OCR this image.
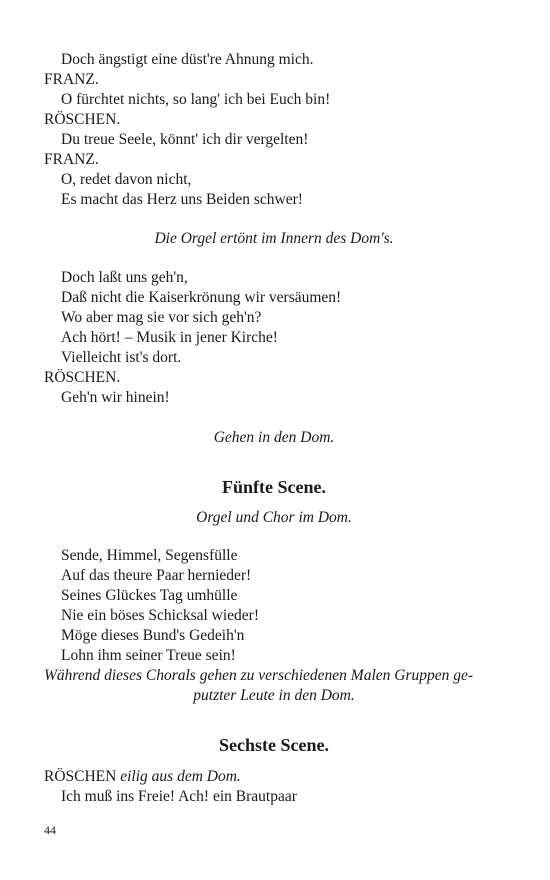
Doch ängstigt eine düst're Ahnung mich.
FRANZ.
O fürchtet nichts, so lang' ich bei Euch bin!
RÖSCHEN.
Du treue Seele, könnt' ich dir vergelten!
FRANZ.
O, redet davon nicht,
Es macht das Herz uns Beiden schwer!
Die Orgel ertönt im Innern des Dom's.
Doch laßt uns geh'n,
Daß nicht die Kaiserkrönung wir versäumen!
Wo aber mag sie vor sich geh'n?
Ach hört! – Musik in jener Kirche!
Vielleicht ist's dort.
RÖSCHEN.
Geh'n wir hinein!
Gehen in den Dom.
Fünfte Scene.
Orgel und Chor im Dom.
Sende, Himmel, Segensfülle
Auf das theure Paar hernieder!
Seines Glückes Tag umhülle
Nie ein böses Schicksal wieder!
Möge dieses Bund's Gedeih'n
Lohn ihm seiner Treue sein!
Während dieses Chorals gehen zu verschiedenen Malen Gruppen ge-
putzter Leute in den Dom.
Sechste Scene.
RÖSCHEN eilig aus dem Dom.
Ich muß ins Freie! Ach! ein Brautpaar
44
